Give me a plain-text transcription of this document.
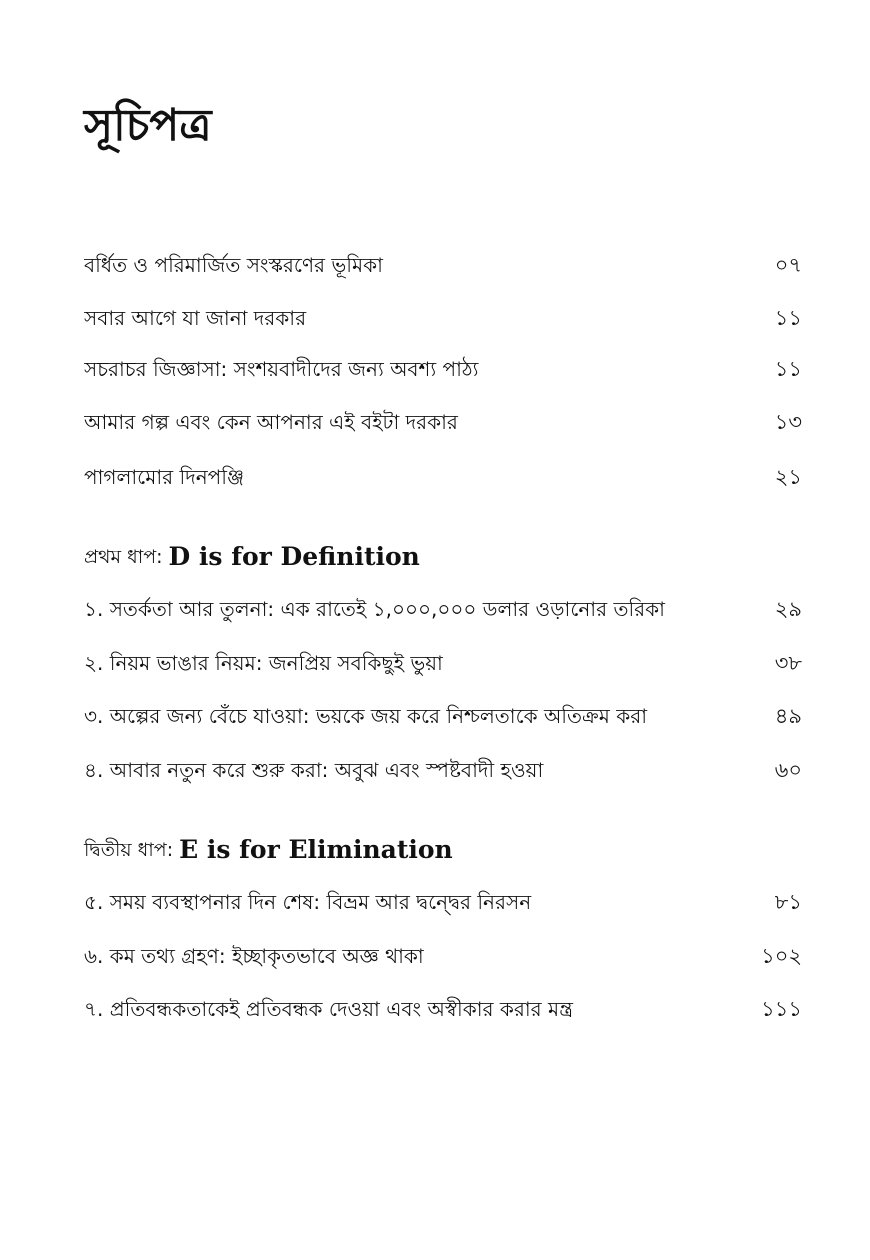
সূচিপত্র
বর্ধিত ও পরিমার্জিত সংস্করণের ভূমিকা	০৭
সবার আগে যা জানা দরকার	১১
সচরাচর জিজ্ঞাসা: সংশয়বাদীদের জন্য অবশ্য পাঠ্য	১১
আমার গল্প এবং কেন আপনার এই বইটা দরকার	১৩
পাগলামোর দিনপঞ্জি	২১
প্রথম ধাপ: D is for Definition
১. সতর্কতা আর তুলনা: এক রাতেই ১,০০০,০০০ ডলার ওড়ানোর তরিকা	২৯
২. নিয়ম ভাঙার নিয়ম: জনপ্রিয় সবকিছুই ভুয়া	৩৮
৩. অল্পের জন্য বেঁচে যাওয়া: ভয়কে জয় করে নিশ্চলতাকে অতিক্রম করা	৪৯
৪. আবার নতুন করে শুরু করা: অবুঝ এবং স্পষ্টবাদী হওয়া	৬০
দ্বিতীয় ধাপ: E is for Elimination
৫. সময় ব্যবস্থাপনার দিন শেষ: বিভ্রম আর দ্বন্দ্বের নিরসন	৮১
৬. কম তথ্য গ্রহণ: ইচ্ছাকৃতভাবে অজ্ঞ থাকা	১০২
৭. প্রতিবন্ধকতাকেই প্রতিবন্ধক দেওয়া এবং অস্বীকার করার মন্ত্র	১১১
